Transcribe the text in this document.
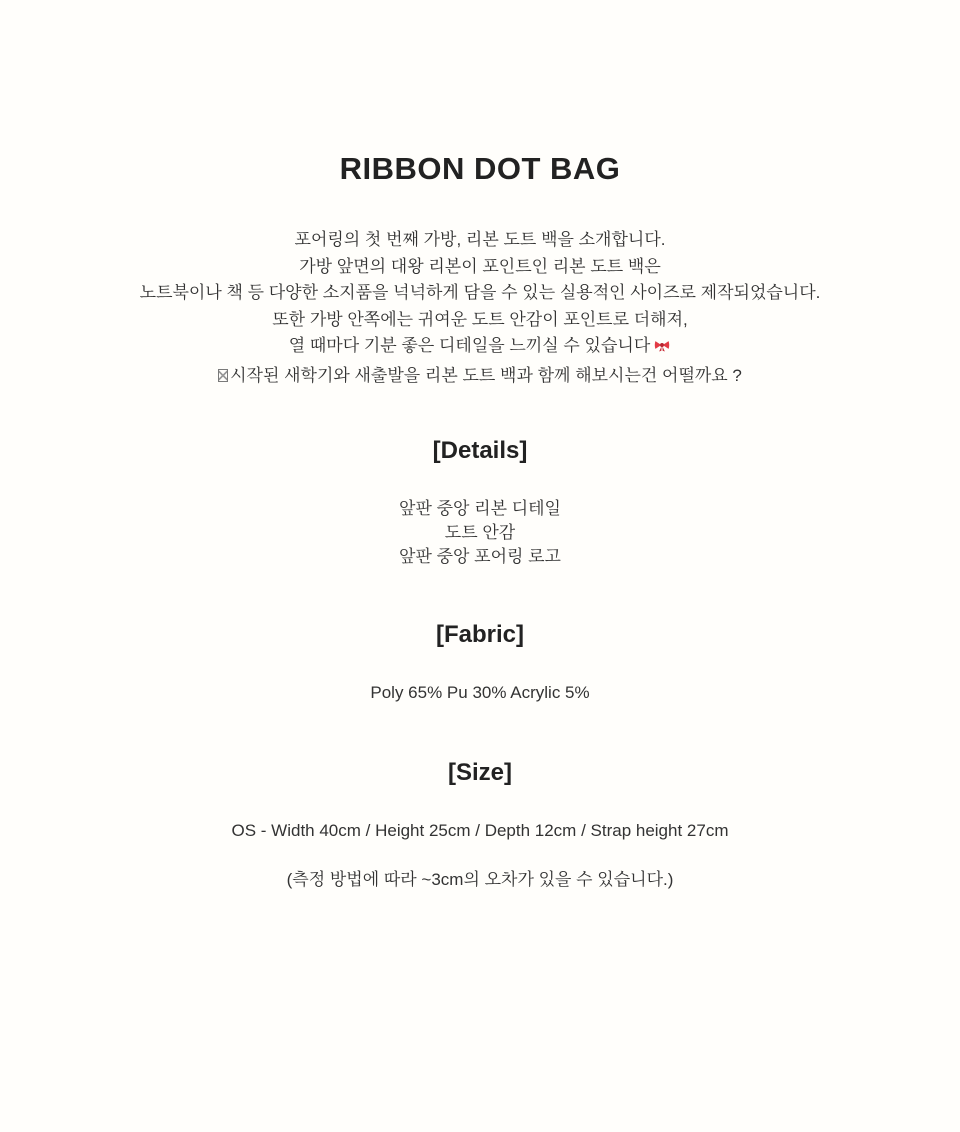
RIBBON DOT BAG
포어링의 첫 번째 가방, 리본 도트 백을 소개합니다.
가방 앞면의 대왕 리본이 포인트인 리본 도트 백은
노트북이나 책 등 다양한 소지품을 넉넉하게 담을 수 있는 실용적인 사이즈로 제작되었습니다.
또한 가방 안쪽에는 귀여운 도트 안감이 포인트로 더해져,
열 때마다 기분 좋은 디테일을 느끼실 수 있습니다
시작된 새학기와 새출발을 리본 도트 백과 함께 해보시는건 어떨까요 ?
[Details]
앞판 중앙 리본 디테일
도트 안감
앞판 중앙 포어링 로고
[Fabric]
Poly 65% Pu 30% Acrylic 5%
[Size]
OS - Width 40cm / Height 25cm / Depth 12cm / Strap height 27cm
(측정 방법에 따라 ~3cm의 오차가 있을 수 있습니다.)
